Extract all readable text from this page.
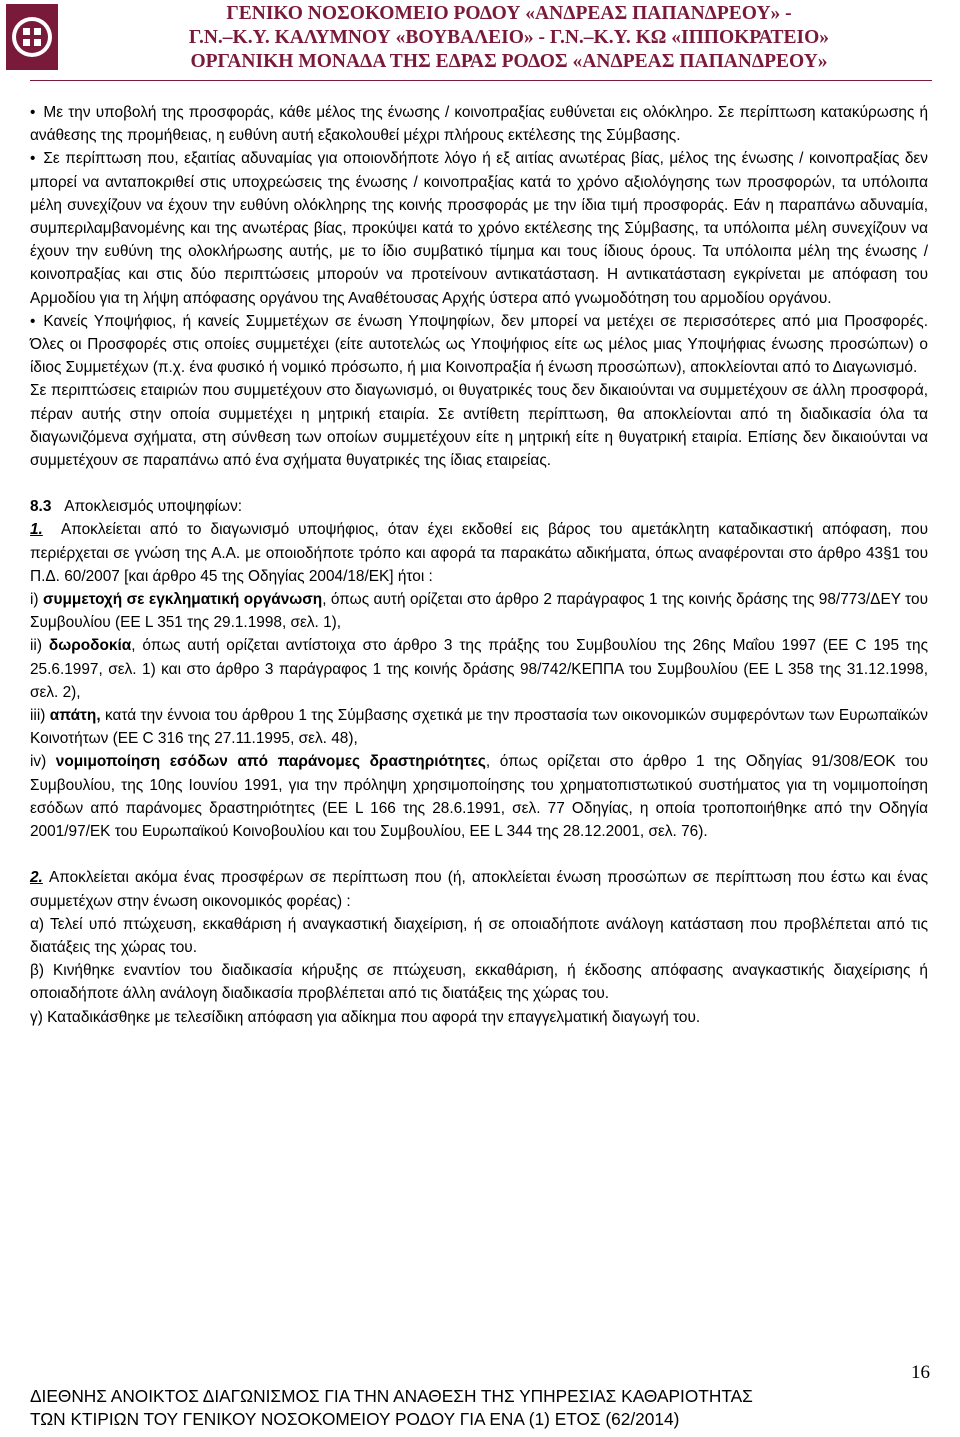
ΓΕΝΙΚΟ ΝΟΣΟΚΟΜΕΙΟ ΡΟΔΟΥ «ΑΝΔΡΕΑΣ ΠΑΠΑΝΔΡΕΟΥ» -
Γ.Ν.–Κ.Υ. ΚΑΛΥΜΝΟΥ «ΒΟΥΒΑΛΕΙΟ» - Γ.Ν.–Κ.Υ. ΚΩ «ΙΠΠΟΚΡΑΤΕΙΟ»
ΟΡΓΑΝΙΚΗ ΜΟΝΑΔΑ ΤΗΣ ΕΔΡΑΣ ΡΟΔΟΣ «ΑΝΔΡΕΑΣ ΠΑΠΑΝΔΡΕΟΥ»

• Με την υποβολή της προσφοράς, κάθε μέλος της ένωσης / κοινοπραξίας ευθύνεται εις ολόκληρο. Σε περίπτωση κατακύρωσης ή ανάθεσης της προμήθειας, η ευθύνη αυτή εξακολουθεί μέχρι πλήρους εκτέλεσης της Σύμβασης.

• Σε περίπτωση που, εξαιτίας αδυναμίας για οποιονδήποτε λόγο ή εξ αιτίας ανωτέρας βίας, μέλος της ένωσης / κοινοπραξίας δεν μπορεί να ανταποκριθεί στις υποχρεώσεις της ένωσης / κοινοπραξίας κατά το χρόνο αξιολόγησης των προσφορών, τα υπόλοιπα μέλη συνεχίζουν να έχουν την ευθύνη ολόκληρης της κοινής προσφοράς με την ίδια τιμή προσφοράς. Εάν η παραπάνω αδυναμία, συμπεριλαμβανομένης και της ανωτέρας βίας, προκύψει κατά το χρόνο εκτέλεσης της Σύμβασης, τα υπόλοιπα μέλη συνεχίζουν να έχουν την ευθύνη της ολοκλήρωσης αυτής, με το ίδιο συμβατικό τίμημα και τους ίδιους όρους. Τα υπόλοιπα μέλη της ένωσης / κοινοπραξίας και στις δύο περιπτώσεις μπορούν να προτείνουν αντικατάσταση. Η αντικατάσταση εγκρίνεται με απόφαση του Αρμοδίου για τη λήψη απόφασης οργάνου της Αναθέτουσας Αρχής ύστερα από γνωμοδότηση του αρμοδίου οργάνου.

• Κανείς Υποψήφιος, ή κανείς Συμμετέχων σε ένωση Υποψηφίων, δεν μπορεί να μετέχει σε περισσότερες από μια Προσφορές. Όλες οι Προσφορές στις οποίες συμμετέχει (είτε αυτοτελώς ως Υποψήφιος είτε ως μέλος μιας Υποψήφιας ένωσης προσώπων) ο ίδιος Συμμετέχων (π.χ. ένα φυσικό ή νομικό πρόσωπο, ή μια Κοινοπραξία ή ένωση προσώπων), αποκλείονται από το Διαγωνισμό.

Σε περιπτώσεις εταιριών που συμμετέχουν στο διαγωνισμό, οι θυγατρικές τους δεν δικαιούνται να συμμετέχουν σε άλλη προσφορά, πέραν αυτής στην οποία συμμετέχει η μητρική εταιρία. Σε αντίθετη περίπτωση, θα αποκλείονται από τη διαδικασία όλα τα διαγωνιζόμενα σχήματα, στη σύνθεση των οποίων συμμετέχουν είτε η μητρική είτε η θυγατρική εταιρία. Επίσης δεν δικαιούνται να συμμετέχουν σε παραπάνω από ένα σχήματα θυγατρικές της ίδιας εταιρείας.

8.3 Αποκλεισμός υποψηφίων:

1. Αποκλείεται από το διαγωνισμό υποψήφιος, όταν έχει εκδοθεί εις βάρος του αμετάκλητη καταδικαστική απόφαση, που περιέρχεται σε γνώση της Α.Α. με οποιοδήποτε τρόπο και αφορά τα παρακάτω αδικήματα, όπως αναφέρονται στο άρθρο 43§1 του Π.Δ. 60/2007 [και άρθρο 45 της Οδηγίας 2004/18/ΕΚ] ήτοι :

i) συμμετοχή σε εγκληματική οργάνωση, όπως αυτή ορίζεται στο άρθρο 2 παράγραφος 1 της κοινής δράσης της 98/773/ΔΕΥ του Συμβουλίου (ΕΕ L 351 της 29.1.1998, σελ. 1),

ii) δωροδοκία, όπως αυτή ορίζεται αντίστοιχα στο άρθρο 3 της πράξης του Συμβουλίου της 26ης Μαΐου 1997 (ΕΕ C 195 της 25.6.1997, σελ. 1) και στο άρθρο 3 παράγραφος 1 της κοινής δράσης 98/742/ΚΕΠΠΑ του Συμβουλίου (ΕΕ L 358 της 31.12.1998, σελ. 2),

iii) απάτη, κατά την έννοια του άρθρου 1 της Σύμβασης σχετικά με την προστασία των οικονομικών συμφερόντων των Ευρωπαϊκών Κοινοτήτων (ΕΕ C 316 της 27.11.1995, σελ. 48),

iv) νομιμοποίηση εσόδων από παράνομες δραστηριότητες, όπως ορίζεται στο άρθρο 1 της Οδηγίας 91/308/ΕΟΚ του Συμβουλίου, της 10ης Ιουνίου 1991, για την πρόληψη χρησιμοποίησης του χρηματοπιστωτικού συστήματος για τη νομιμοποίηση εσόδων από παράνομες δραστηριότητες (ΕΕ L 166 της 28.6.1991, σελ. 77 Οδηγίας, η οποία τροποποιήθηκε από την Οδηγία 2001/97/ΕΚ του Ευρωπαϊκού Κοινοβουλίου και του Συμβουλίου, ΕΕ L 344 της 28.12.2001, σελ. 76).

2. Αποκλείεται ακόμα ένας προσφέρων σε περίπτωση που (ή, αποκλείεται ένωση προσώπων σε περίπτωση που έστω και ένας συμμετέχων στην ένωση οικονομικός φορέας) :

α) Τελεί υπό πτώχευση, εκκαθάριση ή αναγκαστική διαχείριση, ή σε οποιαδήποτε ανάλογη κατάσταση που προβλέπεται από τις διατάξεις της χώρας του.

β) Κινήθηκε εναντίον του διαδικασία κήρυξης σε πτώχευση, εκκαθάριση, ή έκδοσης απόφασης αναγκαστικής διαχείρισης ή οποιαδήποτε άλλη ανάλογη διαδικασία προβλέπεται από τις διατάξεις της χώρας του.

γ) Καταδικάσθηκε με τελεσίδικη απόφαση για αδίκημα που αφορά την επαγγελματική διαγωγή του.

16
ΔΙΕΘΝΗΣ ΑΝΟΙΚΤΟΣ ΔΙΑΓΩΝΙΣΜΟΣ ΓΙΑ ΤΗΝ ΑΝΑΘΕΣΗ ΤΗΣ ΥΠΗΡΕΣΙΑΣ ΚΑΘΑΡΙΟΤΗΤΑΣ
ΤΩΝ ΚΤΙΡΙΩΝ ΤΟΥ ΓΕΝΙΚΟΥ ΝΟΣΟΚΟΜΕΙΟΥ ΡΟΔΟΥ ΓΙΑ ΕΝΑ (1) ΕΤΟΣ (62/2014)
